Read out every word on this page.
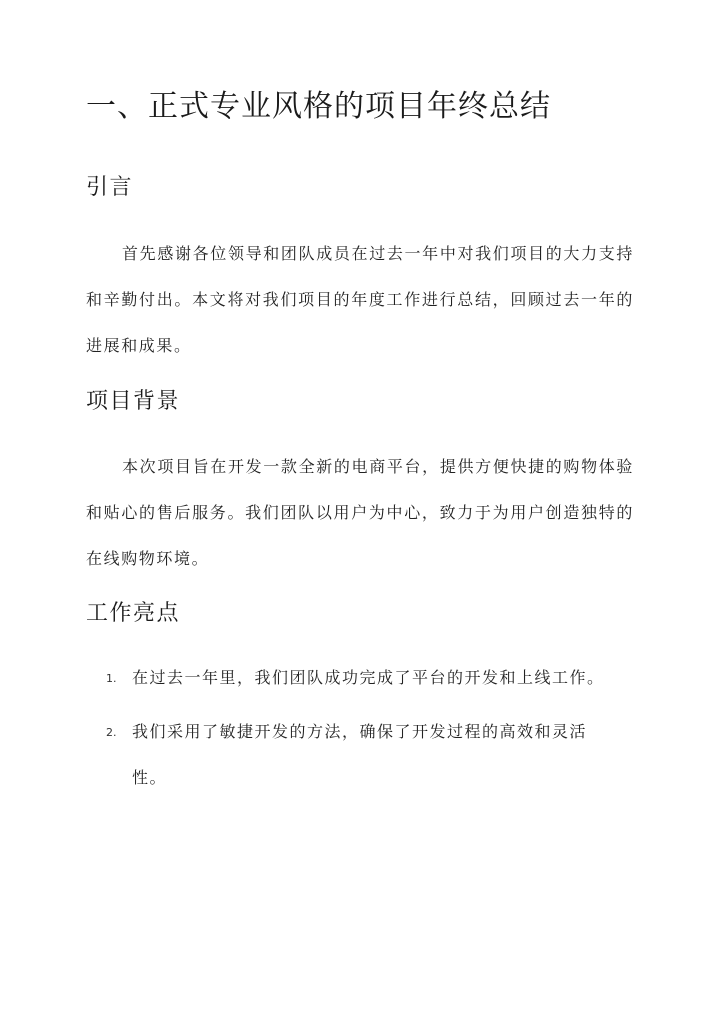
一、正式专业风格的项目年终总结
引言

首先感谢各位领导和团队成员在过去一年中对我们项目的大力支持和辛勤付出。本文将对我们项目的年度工作进行总结，回顾过去一年的进展和成果。

项目背景

本次项目旨在开发一款全新的电商平台，提供方便快捷的购物体验和贴心的售后服务。我们团队以用户为中心，致力于为用户创造独特的在线购物环境。

工作亮点
1. 在过去一年里，我们团队成功完成了平台的开发和上线工作。
2. 我们采用了敏捷开发的方法，确保了开发过程的高效和灵活性。
